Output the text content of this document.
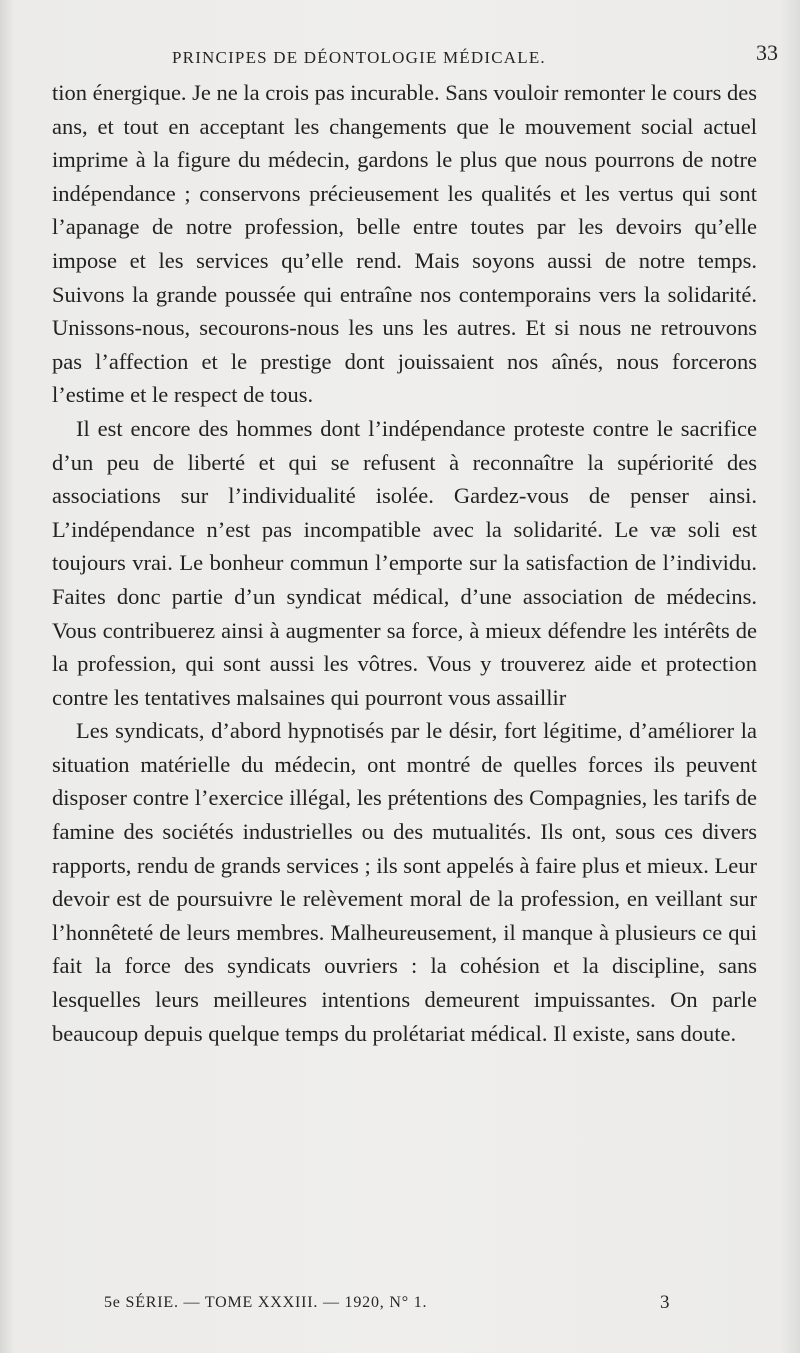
PRINCIPES DE DÉONTOLOGIE MÉDICALE.	33

tion énergique. Je ne la crois pas incurable. Sans vouloir remonter le cours des ans, et tout en acceptant les changements que le mouvement social actuel imprime à la figure du médecin, gardons le plus que nous pourrons de notre indépendance ; conservons précieusement les qualités et les vertus qui sont l’apanage de notre profession, belle entre toutes par les devoirs qu’elle impose et les services qu’elle rend. Mais soyons aussi de notre temps. Suivons la grande poussée qui entraîne nos contemporains vers la solidarité. Unissons-nous, secourons-nous les uns les autres. Et si nous ne retrouvons pas l’affection et le prestige dont jouissaient nos aînés, nous forcerons l’estime et le respect de tous.

Il est encore des hommes dont l’indépendance proteste contre le sacrifice d’un peu de liberté et qui se refusent à reconnaître la supériorité des associations sur l’individualité isolée. Gardez-vous de penser ainsi. L’indépendance n’est pas incompatible avec la solidarité. Le væ soli est toujours vrai. Le bonheur commun l’emporte sur la satisfaction de l’individu. Faites donc partie d’un syndicat médical, d’une association de médecins. Vous contribuerez ainsi à augmenter sa force, à mieux défendre les intérêts de la profession, qui sont aussi les vôtres. Vous y trouverez aide et protection contre les tentatives malsaines qui pourront vous assaillir

Les syndicats, d’abord hypnotisés par le désir, fort légitime, d’améliorer la situation matérielle du médecin, ont montré de quelles forces ils peuvent disposer contre l’exercice illégal, les prétentions des Compagnies, les tarifs de famine des sociétés industrielles ou des mutualités. Ils ont, sous ces divers rapports, rendu de grands services ; ils sont appelés à faire plus et mieux. Leur devoir est de poursuivre le relèvement moral de la profession, en veillant sur l’honnêteté de leurs membres. Malheureusement, il manque à plusieurs ce qui fait la force des syndicats ouvriers : la cohésion et la discipline, sans lesquelles leurs meilleures intentions demeurent impuissantes. On parle beaucoup depuis quelque temps du prolétariat médical. Il existe, sans doute.

5e SÉRIE. — TOME XXXIII. — 1920, N° 1.	3
